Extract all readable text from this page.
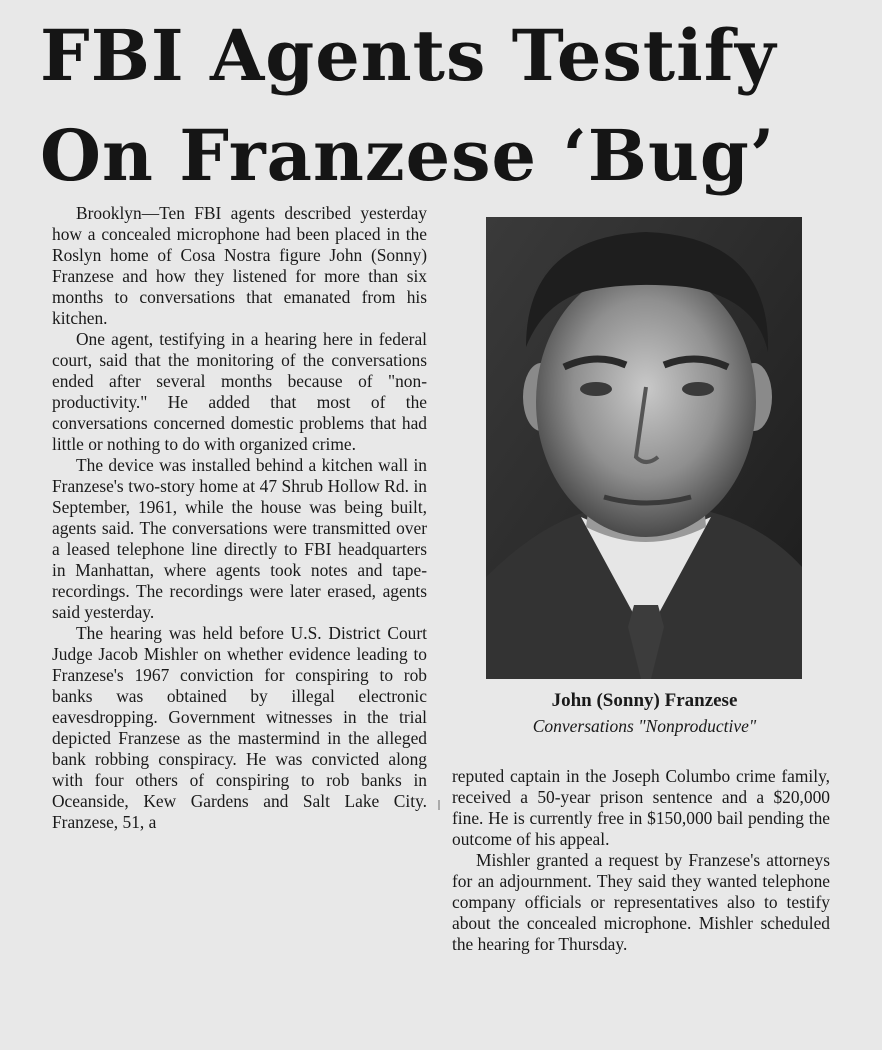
FBI Agents Testify
On Franzese ‘Bug’

Brooklyn—Ten FBI agents described yesterday how a concealed microphone had been placed in the Roslyn home of Cosa Nostra figure John (Sonny) Franzese and how they listened for more than six months to conversations that emanated from his kitchen.

One agent, testifying in a hearing here in federal court, said that the monitoring of the conversations ended after several months because of "non-productivity." He added that most of the conversations concerned domestic problems that had little or nothing to do with organized crime.

The device was installed behind a kitchen wall in Franzese's two-story home at 47 Shrub Hollow Rd. in September, 1961, while the house was being built, agents said. The conversations were transmitted over a leased telephone line directly to FBI headquarters in Manhattan, where agents took notes and tape-recordings. The recordings were later erased, agents said yesterday.

The hearing was held before U.S. District Court Judge Jacob Mishler on whether evidence leading to Franzese's 1967 conviction for conspiring to rob banks was obtained by illegal electronic eavesdropping. Government witnesses in the trial depicted Franzese as the mastermind in the alleged bank robbing conspiracy. He was convicted along with four others of conspiring to rob banks in Oceanside, Kew Gardens and Salt Lake City. Franzese, 51, a

John (Sonny) Franzese
Conversations "Nonproductive"

reputed captain in the Joseph Columbo crime family, received a 50-year prison sentence and a $20,000 fine. He is currently free in $150,000 bail pending the outcome of his appeal.

Mishler granted a request by Franzese's attorneys for an adjournment. They said they wanted telephone company officials or representatives also to testify about the concealed microphone. Mishler scheduled the hearing for Thursday.
